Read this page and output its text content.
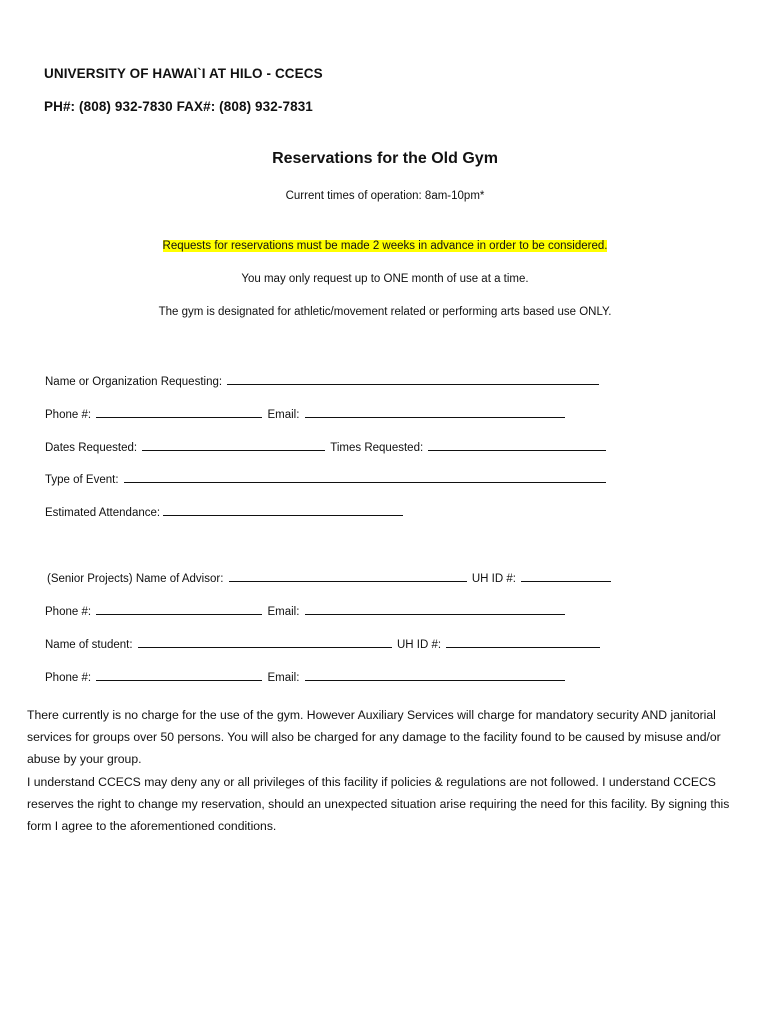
UNIVERSITY OF HAWAI`I AT HILO - CCECS
PH#: (808) 932-7830 FAX#: (808) 932-7831
Reservations for the Old Gym
Current times of operation: 8am-10pm*
Requests for reservations must be made 2 weeks in advance in order to be considered.
You may only request up to ONE month of use at a time.
The gym is designated for athletic/movement related or performing arts based use ONLY.
Name or Organization Requesting:
Phone #:	Email:
Dates Requested:	Times Requested:
Type of Event:
Estimated Attendance:
(Senior Projects) Name of Advisor:	UH ID #:
Phone #:	Email:
Name of student:	UH ID #:
Phone #:	Email:

There currently is no charge for the use of the gym. However Auxiliary Services will charge for mandatory security AND janitorial services for groups over 50 persons. You will also be charged for any damage to the facility found to be caused by misuse and/or abuse by your group.

I understand CCECS may deny any or all privileges of this facility if policies & regulations are not followed. I understand CCECS reserves the right to change my reservation, should an unexpected situation arise requiring the need for this facility. By signing this form I agree to the aforementioned conditions.
